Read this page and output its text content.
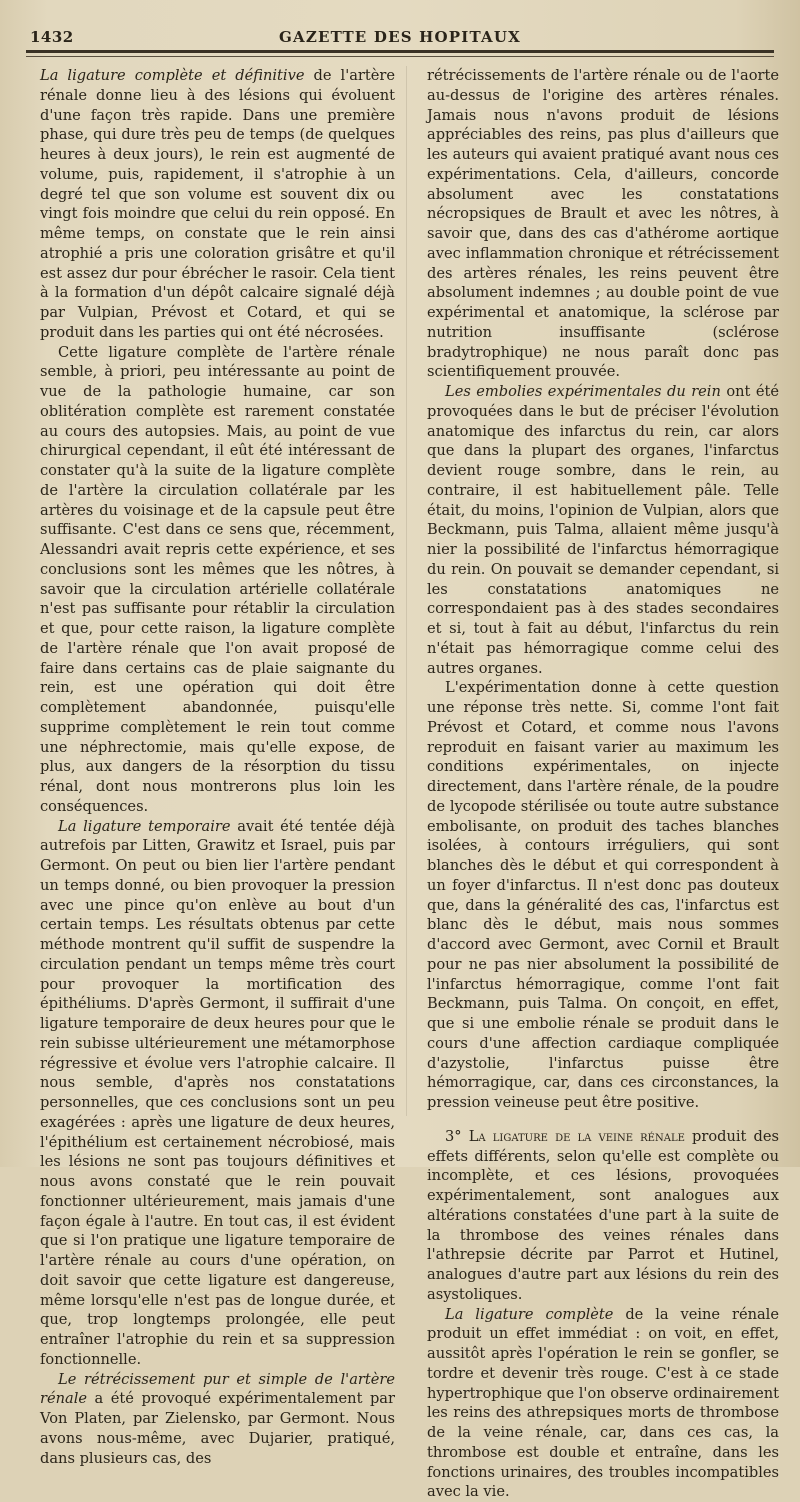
1432	GAZETTE DES HOPITAUX

La ligature complète et définitive de l'artère rénale donne lieu à des lésions qui évoluent d'une façon très rapide. Dans une première phase, qui dure très peu de temps (de quelques heures à deux jours), le rein est augmenté de volume, puis, rapidement, il s'atrophie à un degré tel que son volume est souvent dix ou vingt fois moindre que celui du rein opposé. En même temps, on constate que le rein ainsi atrophié a pris une coloration grisâtre et qu'il est assez dur pour ébrécher le rasoir. Cela tient à la formation d'un dépôt calcaire signalé déjà par Vulpian, Prévost et Cotard, et qui se produit dans les parties qui ont été nécrosées.

Cette ligature complète de l'artère rénale semble, à priori, peu intéressante au point de vue de la pathologie humaine, car son oblitération complète est rarement constatée au cours des autopsies. Mais, au point de vue chirurgical cependant, il eût été intéressant de constater qu'à la suite de la ligature complète de l'artère la circulation collatérale par les artères du voisinage et de la capsule peut être suffisante. C'est dans ce sens que, récemment, Alessandri avait repris cette expérience, et ses conclusions sont les mêmes que les nôtres, à savoir que la circulation artérielle collatérale n'est pas suffisante pour rétablir la circulation et que, pour cette raison, la ligature complète de l'artère rénale que l'on avait proposé de faire dans certains cas de plaie saignante du rein, est une opération qui doit être complètement abandonnée, puisqu'elle supprime complètement le rein tout comme une néphrectomie, mais qu'elle expose, de plus, aux dangers de la résorption du tissu rénal, dont nous montrerons plus loin les conséquences.

La ligature temporaire avait été tentée déjà autrefois par Litten, Grawitz et Israel, puis par Germont. On peut ou bien lier l'artère pendant un temps donné, ou bien provoquer la pression avec une pince qu'on enlève au bout d'un certain temps. Les résultats obtenus par cette méthode montrent qu'il suffit de suspendre la circulation pendant un temps même très court pour provoquer la mortification des épithéliums. D'après Germont, il suffirait d'une ligature temporaire de deux heures pour que le rein subisse ultérieurement une métamorphose régressive et évolue vers l'atrophie calcaire. Il nous semble, d'après nos constatations personnelles, que ces conclusions sont un peu exagérées : après une ligature de deux heures, l'épithélium est certainement nécrobiosé, mais les lésions ne sont pas toujours définitives et nous avons constaté que le rein pouvait fonctionner ultérieurement, mais jamais d'une façon égale à l'autre. En tout cas, il est évident que si l'on pratique une ligature temporaire de l'artère rénale au cours d'une opération, on doit savoir que cette ligature est dangereuse, même lorsqu'elle n'est pas de longue durée, et que, trop longtemps prolongée, elle peut entraîner l'atrophie du rein et sa suppression fonctionnelle.

Le rétrécissement pur et simple de l'artère rénale a été provoqué expérimentalement par Von Platen, par Zielensko, par Germont. Nous avons nous-même, avec Dujarier, pratiqué, dans plusieurs cas, des

rétrécissements de l'artère rénale ou de l'aorte au-dessus de l'origine des artères rénales. Jamais nous n'avons produit de lésions appréciables des reins, pas plus d'ailleurs que les auteurs qui avaient pratiqué avant nous ces expérimentations. Cela, d'ailleurs, concorde absolument avec les constatations nécropsiques de Brault et avec les nôtres, à savoir que, dans des cas d'athérome aortique avec inflammation chronique et rétrécissement des artères rénales, les reins peuvent être absolument indemnes ; au double point de vue expérimental et anatomique, la sclérose par nutrition insuffisante (sclérose bradytrophique) ne nous paraît donc pas scientifiquement prouvée.

Les embolies expérimentales du rein ont été provoquées dans le but de préciser l'évolution anatomique des infarctus du rein, car alors que dans la plupart des organes, l'infarctus devient rouge sombre, dans le rein, au contraire, il est habituellement pâle. Telle était, du moins, l'opinion de Vulpian, alors que Beckmann, puis Talma, allaient même jusqu'à nier la possibilité de l'infarctus hémorragique du rein. On pouvait se demander cependant, si les constatations anatomiques ne correspondaient pas à des stades secondaires et si, tout à fait au début, l'infarctus du rein n'était pas hémorragique comme celui des autres organes.

L'expérimentation donne à cette question une réponse très nette. Si, comme l'ont fait Prévost et Cotard, et comme nous l'avons reproduit en faisant varier au maximum les conditions expérimentales, on injecte directement, dans l'artère rénale, de la poudre de lycopode stérilisée ou toute autre substance embolisante, on produit des taches blanches isolées, à contours irréguliers, qui sont blanches dès le début et qui correspondent à un foyer d'infarctus. Il n'est donc pas douteux que, dans la généralité des cas, l'infarctus est blanc dès le début, mais nous sommes d'accord avec Germont, avec Cornil et Brault pour ne pas nier absolument la possibilité de l'infarctus hémorragique, comme l'ont fait Beckmann, puis Talma. On conçoit, en effet, que si une embolie rénale se produit dans le cours d'une affection cardiaque compliquée d'azystolie, l'infarctus puisse être hémorragique, car, dans ces circonstances, la pression veineuse peut être positive.

3° La ligature de la veine rénale produit des effets différents, selon qu'elle est complète ou incomplète, et ces lésions, provoquées expérimentalement, sont analogues aux altérations constatées d'une part à la suite de la thrombose des veines rénales dans l'athrepsie décrite par Parrot et Hutinel, analogues d'autre part aux lésions du rein des asystoliques.

La ligature complète de la veine rénale produit un effet immédiat : on voit, en effet, aussitôt après l'opération le rein se gonfler, se tordre et devenir très rouge. C'est à ce stade hypertrophique que l'on observe ordinairement les reins des athrepsiques morts de thrombose de la veine rénale, car, dans ces cas, la thrombose est double et entraîne, dans les fonctions urinaires, des troubles incompatibles avec la vie.
